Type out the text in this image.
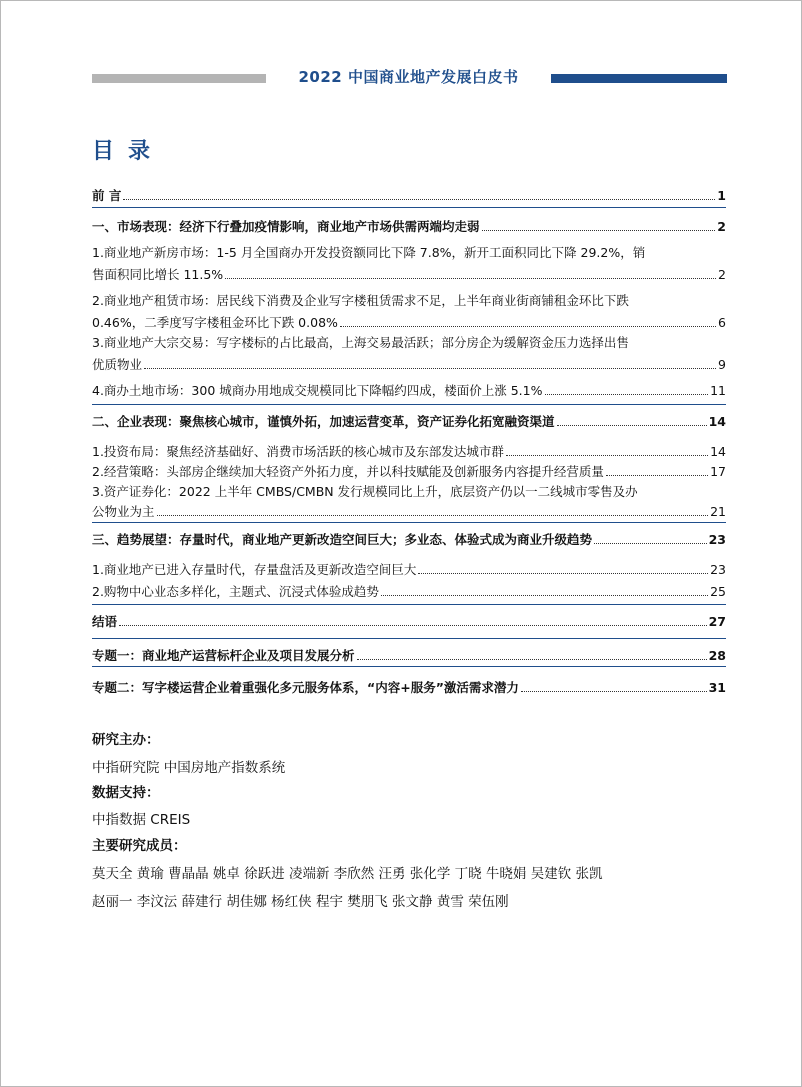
2022 中国商业地产发展白皮书
目录
前 言	1
一、市场表现：经济下行叠加疫情影响，商业地产市场供需两端均走弱	2
1.商业地产新房市场：1-5 月全国商办开发投资额同比下降 7.8%，新开工面积同比下降 29.2%，销
售面积同比增长 11.5%	2
2.商业地产租赁市场：居民线下消费及企业写字楼租赁需求不足，上半年商业街商铺租金环比下跌
0.46%，二季度写字楼租金环比下跌 0.08%	6
3.商业地产大宗交易：写字楼标的占比最高，上海交易最活跃；部分房企为缓解资金压力选择出售
优质物业	9
4.商办土地市场：300 城商办用地成交规模同比下降幅约四成，楼面价上涨 5.1%	11
二、企业表现：聚焦核心城市，谨慎外拓，加速运营变革，资产证券化拓宽融资渠道	14
1.投资布局：聚焦经济基础好、消费市场活跃的核心城市及东部发达城市群	14
2.经营策略：头部房企继续加大轻资产外拓力度，并以科技赋能及创新服务内容提升经营质量	17
3.资产证券化：2022 上半年 CMBS/CMBN 发行规模同比上升，底层资产仍以一二线城市零售及办
公物业为主	21
三、趋势展望：存量时代，商业地产更新改造空间巨大；多业态、体验式成为商业升级趋势	23
1.商业地产已进入存量时代，存量盘活及更新改造空间巨大	23
2.购物中心业态多样化，主题式、沉浸式体验成趋势	25
结语	27
专题一：商业地产运营标杆企业及项目发展分析	28
专题二：写字楼运营企业着重强化多元服务体系，“内容+服务”激活需求潜力	31
研究主办：
中指研究院 中国房地产指数系统
数据支持：
中指数据 CREIS
主要研究成员：
莫天全 黄瑜 曹晶晶 姚卓 徐跃进 凌端新 李欣然 汪勇 张化学 丁晓 牛晓娟 吴建钦 张凯
赵丽一 李汶沄 薛建行 胡佳娜 杨红侠 程宇 樊朋飞 张文静 黄雪 荣伍刚
